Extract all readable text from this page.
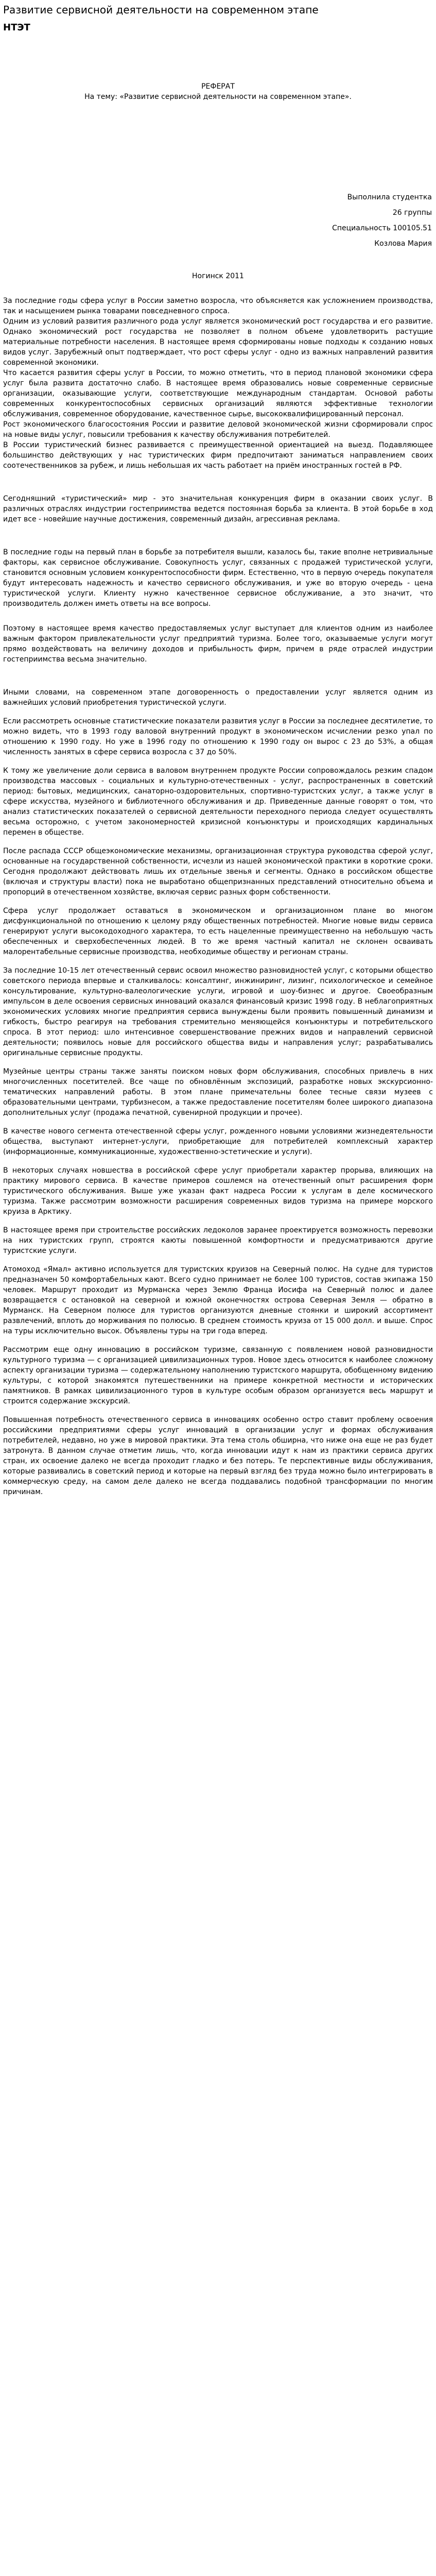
Развитие сервисной деятельности на современном этапе
НТЭТ
РЕФЕРАТ
На тему: «Развитие сервисной деятельности на современном этапе».
Выполнила студентка
26 группы
Специальность 100105.51
Козлова Мария
Ногинск 2011

За последние годы сфера услуг в России заметно возросла, что объясняется как усложнением производства, так и насыщением рынка товарами повседневного спроса.

Одним из условий развития различного рода услуг является экономический рост государства и его развитие. Однако экономический рост государства не позволяет в полном объеме удовлетворить растущие материальные потребности населения. В настоящее время сформированы новые подходы к созданию новых видов услуг. Зарубежный опыт подтверждает, что рост сферы услуг - одно из важных направлений развития современной экономики.

Что касается развития сферы услуг в России, то можно отметить, что в период плановой экономики сфера услуг была развита достаточно слабо. В настоящее время образовались новые современные сервисные организации, оказывающие услуги, соответствующие международным стандартам. Основой работы современных конкурентоспособных сервисных организаций являются эффективные технологии обслуживания, современное оборудование, качественное сырье, высококвалифицированный персонал.

Рост экономического благосостояния России и развитие деловой экономической жизни сформировали спрос на новые виды услуг, повысили требования к качеству обслуживания потребителей.

В России туристический бизнес развивается с преимущественной ориентацией на выезд. Подавляющее большинство действующих у нас туристических фирм предпочитают заниматься направлением своих соотечественников за рубеж, и лишь небольшая их часть работает на приём иностранных гостей в РФ.

Сегодняшний «туристический» мир - это значительная конкуренция фирм в оказании своих услуг. В различных отраслях индустрии гостеприимства ведется постоянная борьба за клиента. В этой борьбе в ход идет все - новейшие научные достижения, современный дизайн, агрессивная реклама.

В последние годы на первый план в борьбе за потребителя вышли, казалось бы, такие вполне нетривиальные факторы, как сервисное обслуживание. Совокупность услуг, связанных с продажей туристической услуги, становится основным условием конкурентоспособности фирм. Естественно, что в первую очередь покупателя будут интересовать надежность и качество сервисного обслуживания, и уже во вторую очередь - цена туристической услуги. Клиенту нужно качественное сервисное обслуживание, а это значит, что производитель должен иметь ответы на все вопросы.

Поэтому в настоящее время качество предоставляемых услуг выступает для клиентов одним из наиболее важным фактором привлекательности услуг предприятий туризма. Более того, оказываемые услуги могут прямо воздействовать на величину доходов и прибыльность фирм, причем в ряде отраслей индустрии гостеприимства весьма значительно.

Иными словами, на современном этапе договоренность о предоставлении услуг является одним из важнейших условий приобретения туристической услуги.

Если рассмотреть основные статистические показатели развития услуг в России за последнее десятилетие, то можно видеть, что в 1993 году валовой внутренний продукт в экономическом исчислении резко упал по отношению к 1990 году. Но уже в 1996 году по отношению к 1990 году он вырос с 23 до 53%, а общая численность занятых в сфере сервиса возросла с 37 до 50%.

К тому же увеличение доли сервиса в валовом внутреннем продукте России сопровождалось резким спадом производства массовых - социальных и культурно-отечественных - услуг, распространенных в советский период: бытовых, медицинских, санаторно-оздоровительных, спортивно-туристских услуг, а также услуг в сфере искусства, музейного и библиотечного обслуживания и др. Приведенные данные говорят о том, что анализ статистических показателей о сервисной деятельности переходного периода следует осуществлять весьма осторожно, с учетом закономерностей кризисной конъюнктуры и происходящих кардинальных перемен в обществе.

После распада СССР общеэкономические механизмы, организационная структура руководства сферой услуг, основанные на государственной собственности, исчезли из нашей экономической практики в короткие сроки. Сегодня продолжают действовать лишь их отдельные звенья и сегменты. Однако в российском обществе (включая и структуры власти) пока не выработано общепризнанных представлений относительно объема и пропорций в отечественном хозяйстве, включая сервис разных форм собственности.

Сфера услуг продолжает оставаться в экономическом и организационном плане во многом дисфункциональной по отношению к целому ряду общественных потребностей. Многие новые виды сервиса генерируют услуги высокодоходного характера, то есть нацеленные преимущественно на небольшую часть обеспеченных и сверхобеспеченных людей. В то же время частный капитал не склонен осваивать малорентабельные сервисные производства, необходимые обществу и регионам страны.

За последние 10-15 лет отечественный сервис освоил множество разновидностей услуг, с которыми общество советского периода впервые и сталкивалось: консалтинг, инжиниринг, лизинг, психологическое и семейное консультирование, культурно-валеологические услуги, игровой и шоу-бизнес и другое. Своеобразным импульсом в деле освоения сервисных инноваций оказался финансовый кризис 1998 году. В неблагоприятных экономических условиях многие предприятия сервиса вынуждены были проявить повышенный динамизм и гибкость, быстро реагируя на требования стремительно меняющейся конъюнктуры и потребительского спроса. В этот период: шло интенсивное совершенствование прежних видов и направлений сервисной деятельности; появилось новые для российского общества виды и направления услуг; разрабатывались оригинальные сервисные продукты.

Музейные центры страны также заняты поиском новых форм обслуживания, способных привлечь в них многочисленных посетителей. Все чаще по обновлённым экспозиций, разработке новых экскурсионно-тематических направлений работы. В этом плане примечательны более тесные связи музеев с образовательными центрами, турбизнесом, а также предоставление посетителям более широкого диапазона дополнительных услуг (продажа печатной, сувенирной продукции и прочее).

В качестве нового сегмента отечественной сферы услуг, рожденного новыми условиями жизнедеятельности общества, выступают интернет-услуги, приобретающие для потребителей комплексный характер (информационные, коммуникационные, художественно-эстетические и услуги).

В некоторых случаях новшества в российской сфере услуг приобретали характер прорыва, влияющих на практику мирового сервиса. В качестве примеров сошлемся на отечественный опыт расширения форм туристического обслуживания. Выше уже указан факт надреса России к услугам в деле космического туризма. Также рассмотрим возможности расширения современных видов туризма на примере морского круиза в Арктику.

В настоящее время при строительстве российских ледоколов заранее проектируется возможность перевозки на них туристских групп, строятся каюты повышенной комфортности и предусматриваются другие туристские услуги.

Атомоход «Ямал» активно используется для туристских круизов на Северный полюс. На судне для туристов предназначен 50 комфортабельных кают. Всего судно принимает не более 100 туристов, состав экипажа 150 человек. Маршрут проходит из Мурманска через Землю Франца Иосифа на Северный полюс и далее возвращается с остановкой на северной и южной оконечностях острова Северная Земля — обратно в Мурманск. На Северном полюсе для туристов организуются дневные стоянки и широкий ассортимент развлечений, вплоть до морживания по полюсью. В среднем стоимость круиза от 15 000 долл. и выше. Спрос на туры исключительно высок. Объявлены туры на три года вперед.

Рассмотрим еще одну инновацию в российском туризме, связанную с появлением новой разновидности культурного туризма — с организацией цивилизационных туров. Новое здесь относится к наиболее сложному аспекту организации туризма — содержательному наполнению туристского маршрута, обобщенному видению культуры, с которой знакомятся путешественники на примере конкретной местности и исторических памятников. В рамках цивилизационного туров в культуре особым образом организуется весь маршрут и строится содержание экскурсий.

Повышенная потребность отечественного сервиса в инновациях особенно остро ставит проблему освоения российскими предприятиями сферы услуг инноваций в организации услуг и формах обслуживания потребителей, недавно, но уже в мировой практики. Эта тема столь обширна, что ниже она еще не раз будет затронута. В данном случае отметим лишь, что, когда инновации идут к нам из практики сервиса других стран, их освоение далеко не всегда проходит гладко и без потерь. Те перспективные виды обслуживания, которые развивались в советский период и которые на первый взгляд без труда можно было интегрировать в коммерческую среду, на самом деле далеко не всегда поддавались подобной трансформации по многим причинам.
